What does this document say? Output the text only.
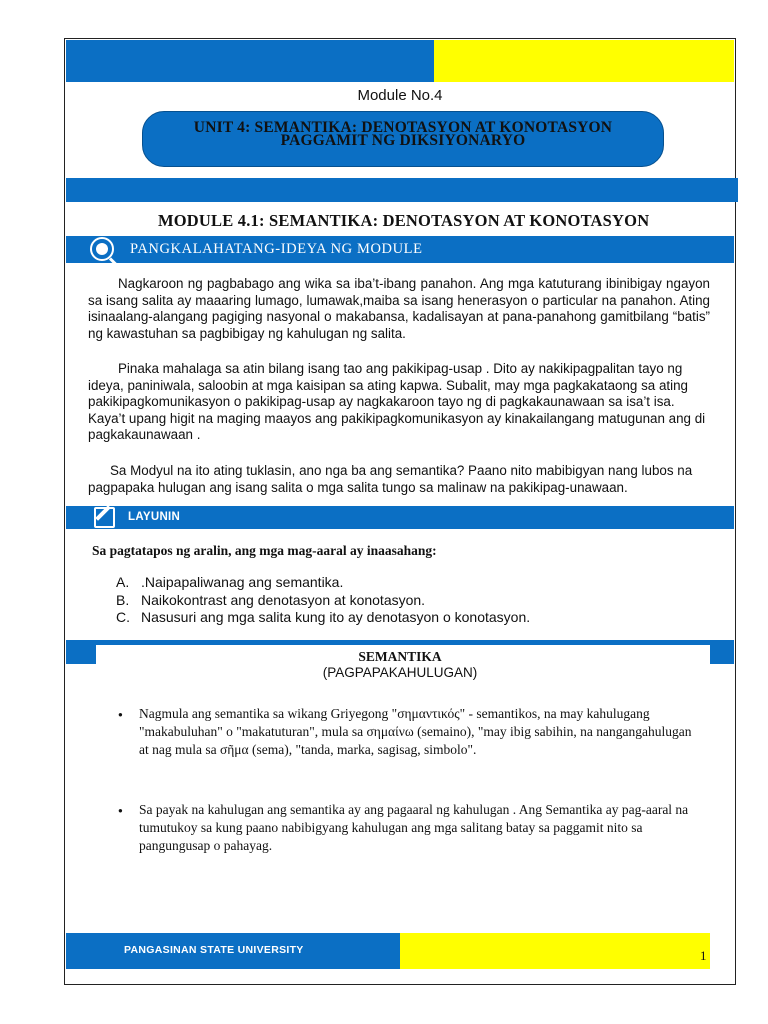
Module No.4
UNIT 4: SEMANTIKA: DENOTASYON AT KONOTASYON
PAGGAMIT NG DIKSIYONARYO
MODULE 4.1: SEMANTIKA: DENOTASYON AT KONOTASYON
PANGKALAHATANG-IDEYA NG MODULE
Nagkaroon ng pagbabago ang wika sa iba’t-ibang panahon. Ang mga katuturang ibinibigay ngayon sa isang salita ay maaaring lumago, lumawak,maiba sa isang henerasyon o particular na panahon. Ating isinaalang-alangang pagiging nasyonal o makabansa, kadalisayan at pana-panahong gamitbilang “batis” ng kawastuhan sa pagbibigay ng kahulugan ng salita.
Pinaka mahalaga sa atin bilang isang tao ang pakikipag-usap . Dito ay nakikipagpalitan tayo ng ideya, paniniwala, saloobin at mga kaisipan sa ating kapwa. Subalit, may mga pagkakataong sa ating pakikipagkomunikasyon o pakikipag-usap ay nagkakaroon tayo ng di pagkakaunawaan sa isa’t isa. Kaya’t upang higit na maging maayos ang pakikipagkomunikasyon ay kinakailangang matugunan ang di pagkakaunawaan .
Sa Modyul na ito ating tuklasin, ano nga ba ang semantika? Paano nito mabibigyan nang lubos na pagpapaka hulugan ang isang salita o mga salita tungo sa malinaw na pakikipag-unawaan.
LAYUNIN
Sa pagtatapos ng aralin, ang mga mag-aaral ay inaasahang:
A. .Naipapaliwanag ang semantika.
B. Naikokontrast ang denotasyon at konotasyon.
C. Nasusuri ang mga salita kung ito ay denotasyon o konotasyon.
SEMANTIKA
(PAGPAPAKAHULUGAN)
● Nagmula ang semantika sa wikang Griyegong "σημαντικός" - semantikos, na may kahulugang "makabuluhan" o "makatuturan", mula sa σημαίνω (semaino), "may ibig sabihin, na nangangahulugan at nag mula sa σῆμα (sema), "tanda, marka, sagisag, simbolo".
● Sa payak na kahulugan ang semantika ay ang pagaaral ng kahulugan . Ang Semantika ay pag-aaral na tumutukoy sa kung paano nabibigyang kahulugan ang mga salitang batay sa paggamit nito sa pangungusap o pahayag.
PANGASINAN STATE UNIVERSITY	1
